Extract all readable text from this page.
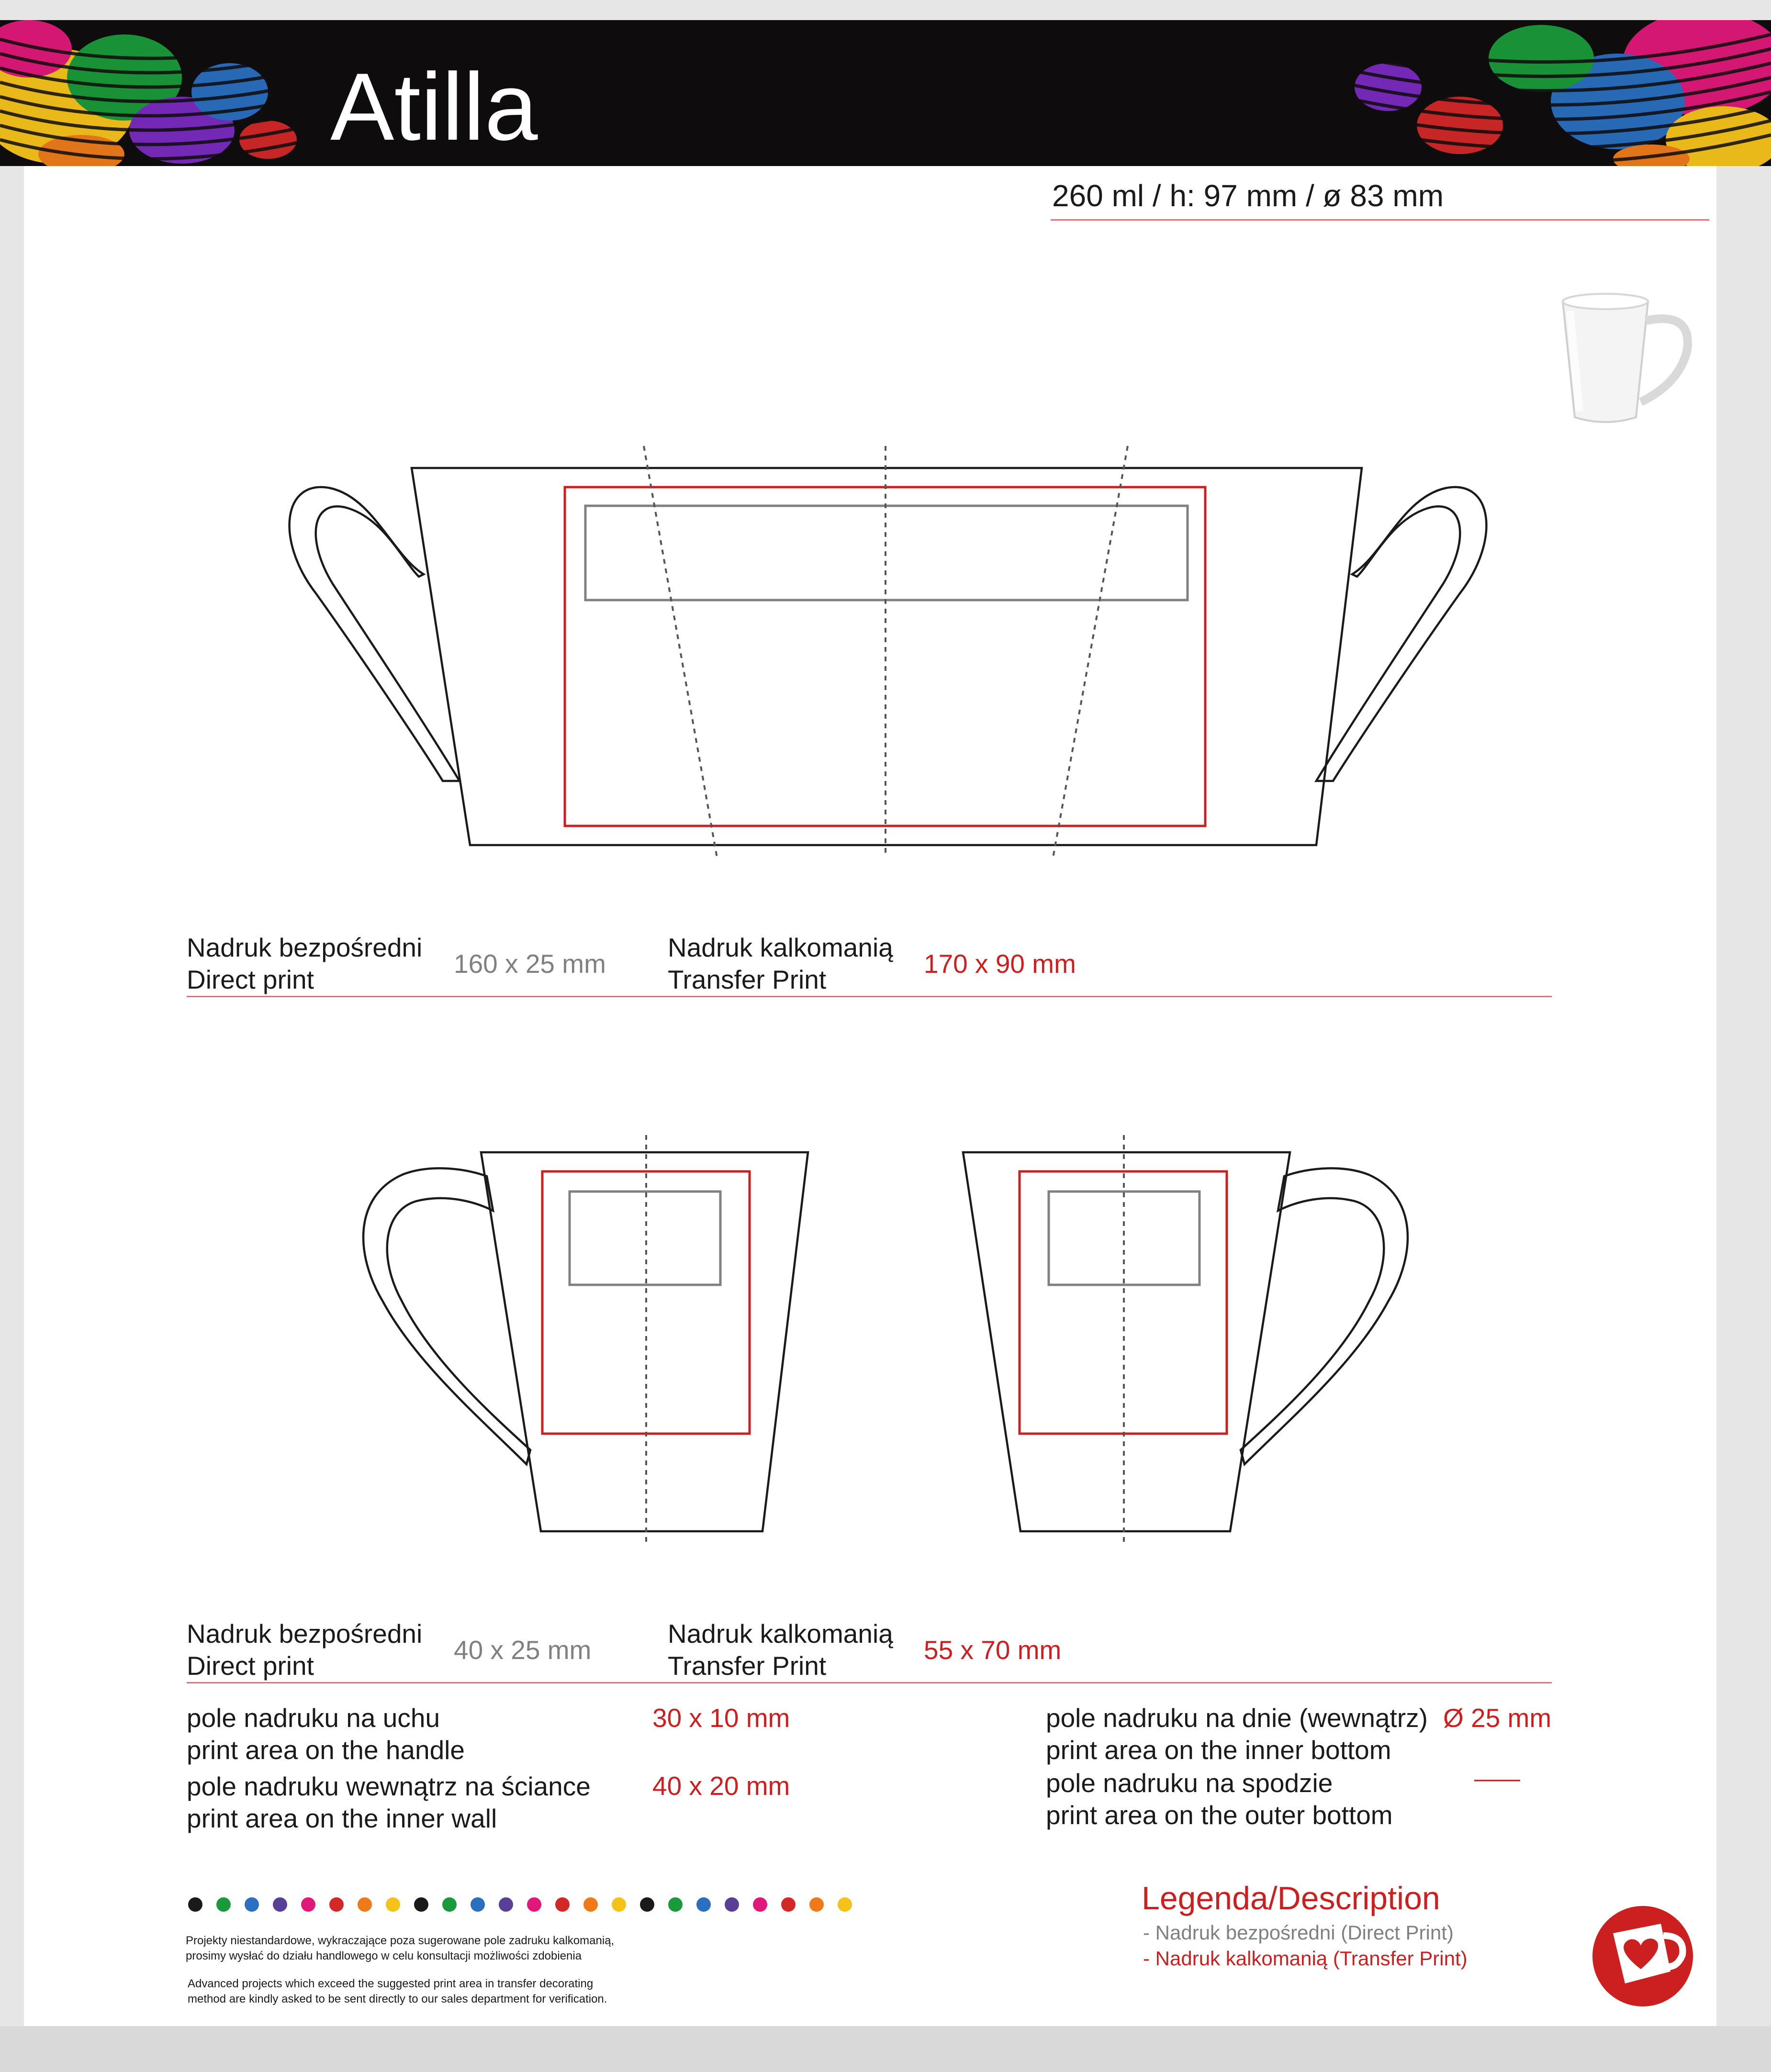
Atilla
260 ml / h: 97 mm / ø 83 mm
Nadruk bezpośredni
Direct print
160 x 25 mm
Nadruk kalkomanią
Transfer Print
170 x 90 mm
Nadruk bezpośredni
Direct print
40 x 25 mm
Nadruk kalkomanią
Transfer Print
55 x 70 mm
pole nadruku na uchu
print area on the handle
30 x 10 mm
pole nadruku wewnątrz na ściance
print area on the inner wall
40 x 20 mm
pole nadruku na dnie (wewnątrz)
print area on the inner bottom
Ø 25 mm
pole nadruku na spodzie
print area on the outer bottom
——
Projekty niestandardowe, wykraczające poza sugerowane pole zadruku kalkomanią,
prosimy wysłać do działu handlowego w celu konsultacji możliwości zdobienia
Advanced projects which exceed the suggested print area in transfer decorating
method are kindly asked to be sent directly to our sales department for verification.
Legenda/Description
- Nadruk bezpośredni (Direct Print)
- Nadruk kalkomanią (Transfer Print)
